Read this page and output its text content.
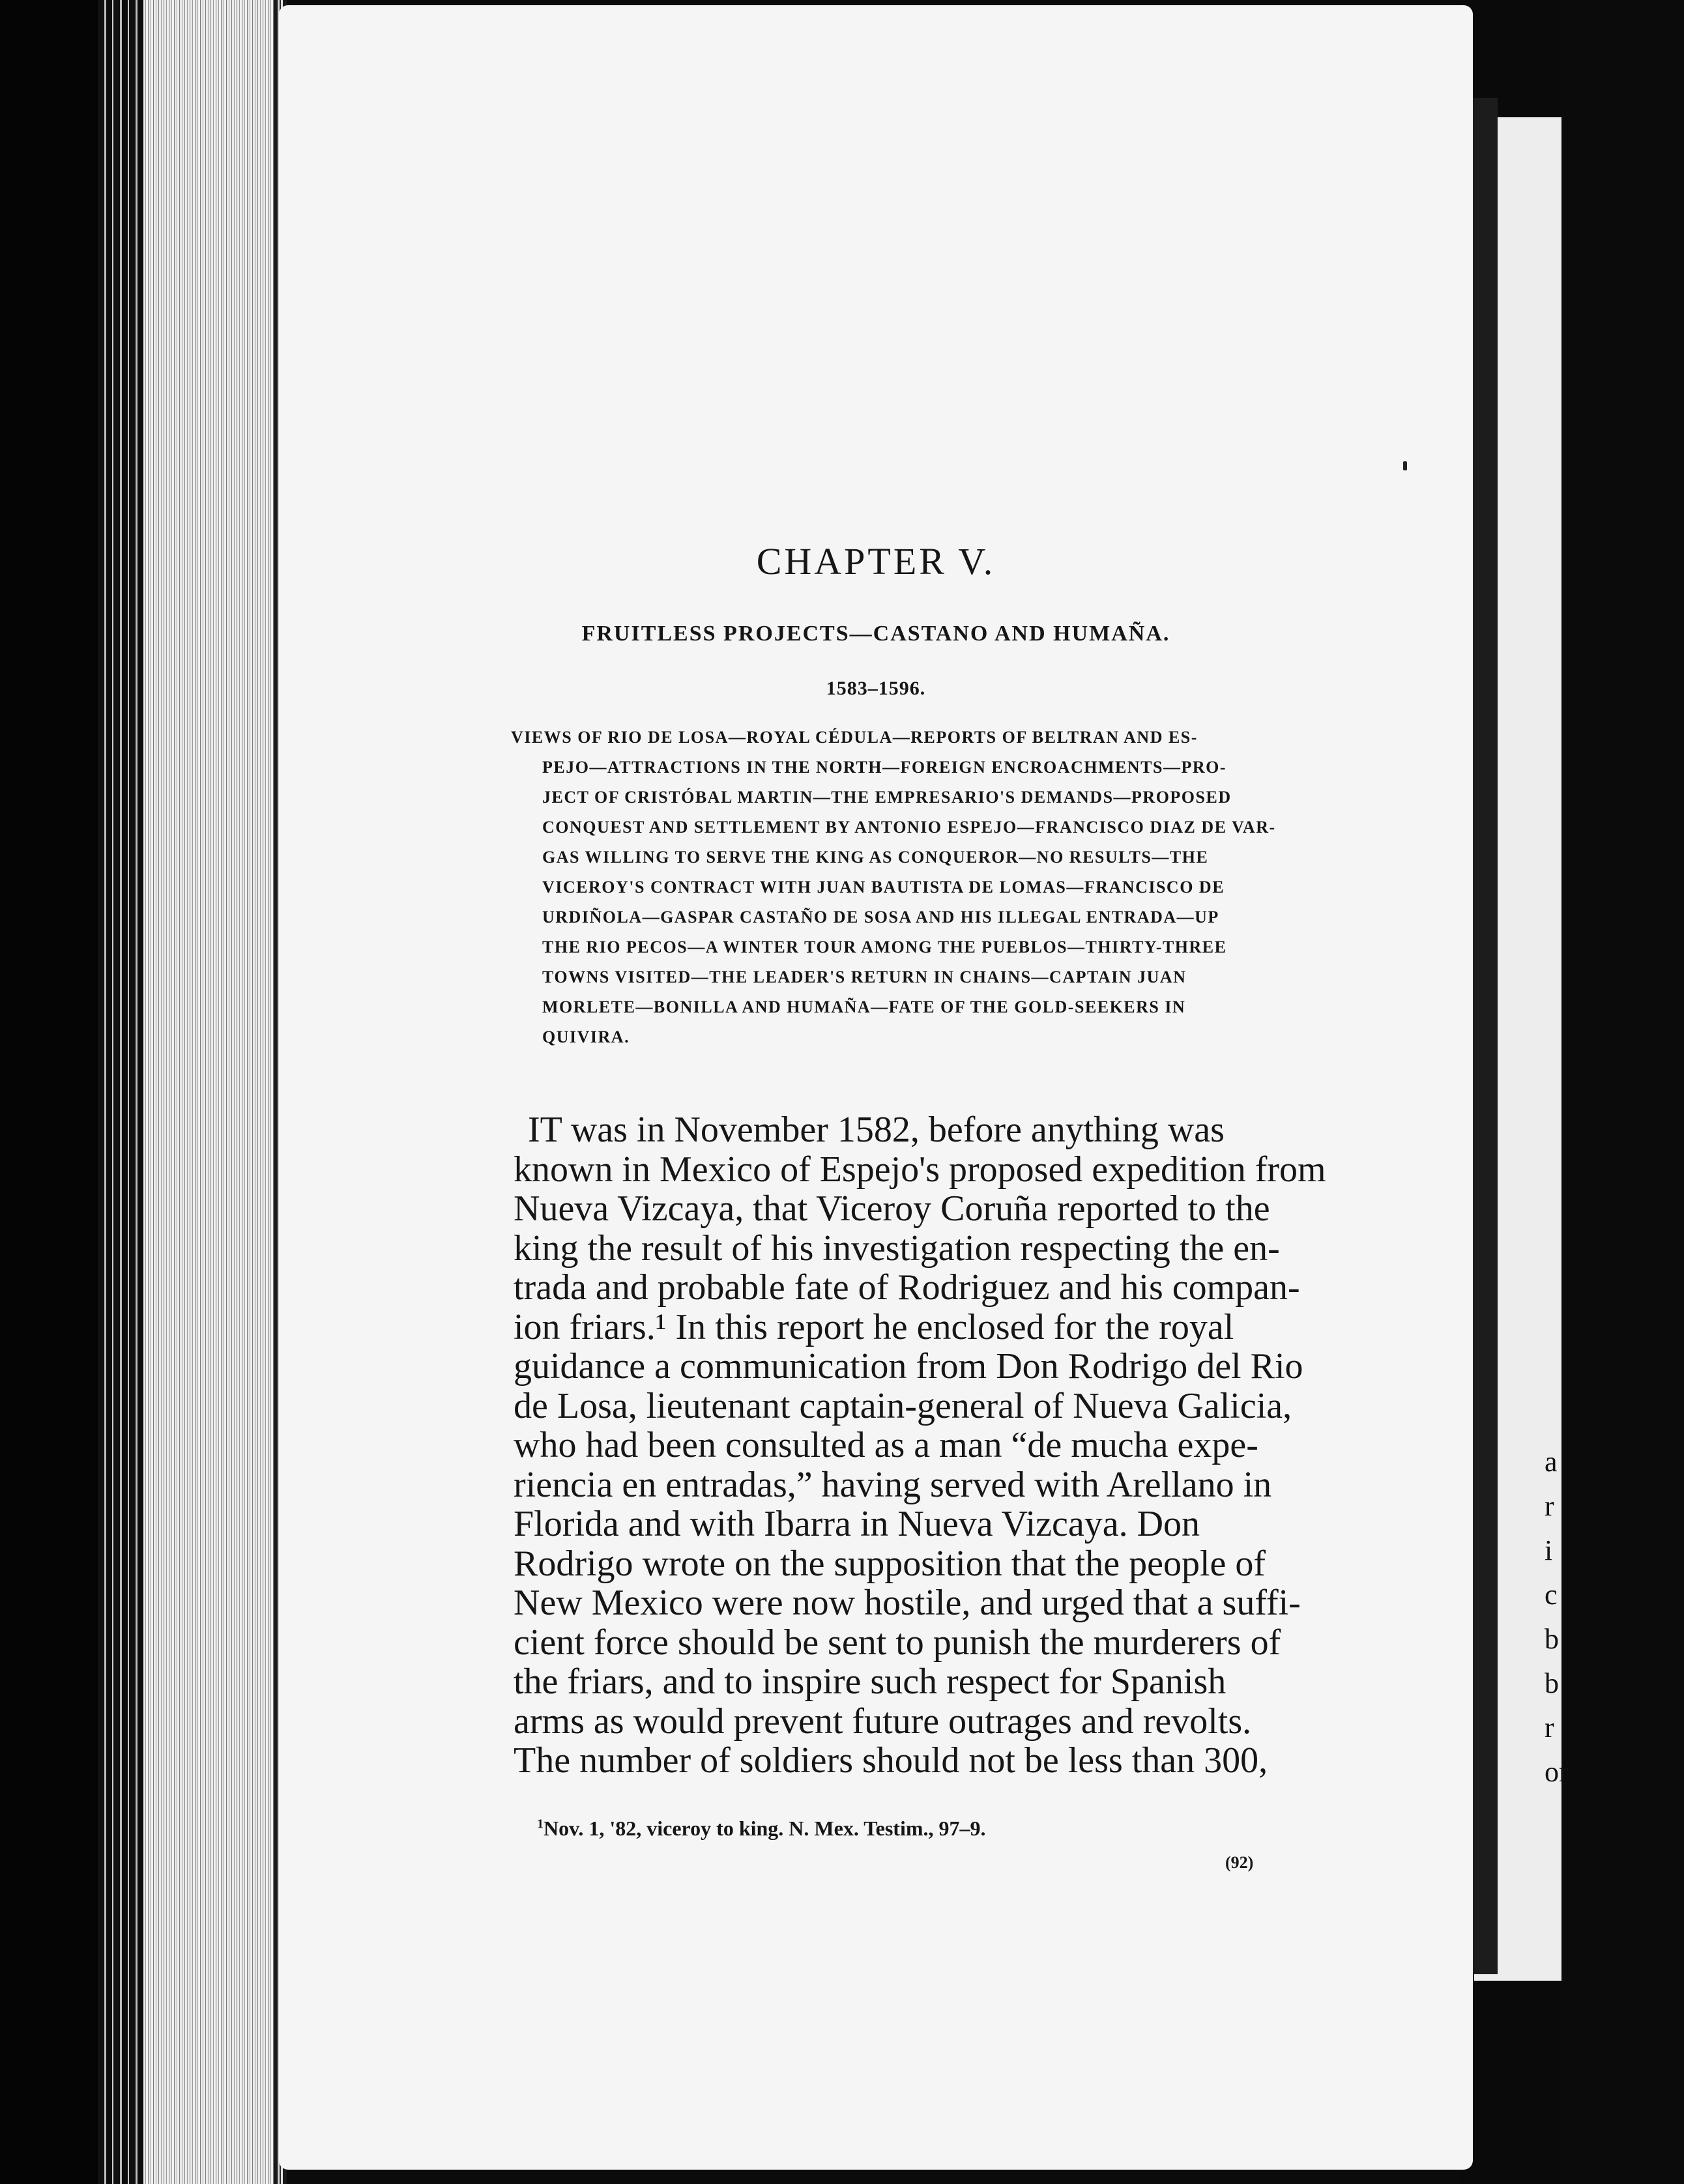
CHAPTER V.
FRUITLESS PROJECTS—CASTANO AND HUMAÑA.
1583–1596.
VIEWS OF RIO DE LOSA—ROYAL CÉDULA—REPORTS OF BELTRAN AND ES-
PEJO—ATTRACTIONS IN THE NORTH—FOREIGN ENCROACHMENTS—PRO-
JECT OF CRISTÓBAL MARTIN—THE EMPRESARIO'S DEMANDS—PROPOSED
CONQUEST AND SETTLEMENT BY ANTONIO ESPEJO—FRANCISCO DIAZ DE VAR-
GAS WILLING TO SERVE THE KING AS CONQUEROR—NO RESULTS—THE
VICEROY'S CONTRACT WITH JUAN BAUTISTA DE LOMAS—FRANCISCO DE
URDIÑOLA—GASPAR CASTAÑO DE SOSA AND HIS ILLEGAL ENTRADA—UP
THE RIO PECOS—A WINTER TOUR AMONG THE PUEBLOS—THIRTY-THREE
TOWNS VISITED—THE LEADER'S RETURN IN CHAINS—CAPTAIN JUAN
MORLETE—BONILLA AND HUMAÑA—FATE OF THE GOLD-SEEKERS IN
QUIVIRA.
IT was in November 1582, before anything was
known in Mexico of Espejo's proposed expedition from
Nueva Vizcaya, that Viceroy Coruña reported to the
king the result of his investigation respecting the en-
trada and probable fate of Rodriguez and his compan-
ion friars.¹ In this report he enclosed for the royal
guidance a communication from Don Rodrigo del Rio
de Losa, lieutenant captain-general of Nueva Galicia,
who had been consulted as a man “de mucha expe-
riencia en entradas,” having served with Arellano in
Florida and with Ibarra in Nueva Vizcaya. Don
Rodrigo wrote on the supposition that the people of
New Mexico were now hostile, and urged that a suffi-
cient force should be sent to punish the murderers of
the friars, and to inspire such respect for Spanish
arms as would prevent future outrages and revolts.
The number of soldiers should not be less than 300,
$^1$Nov. 1, '82, viceroy to king. N. Mex. Testim., 97–9.
(92)
a
r
i
c
b
b
r
or
